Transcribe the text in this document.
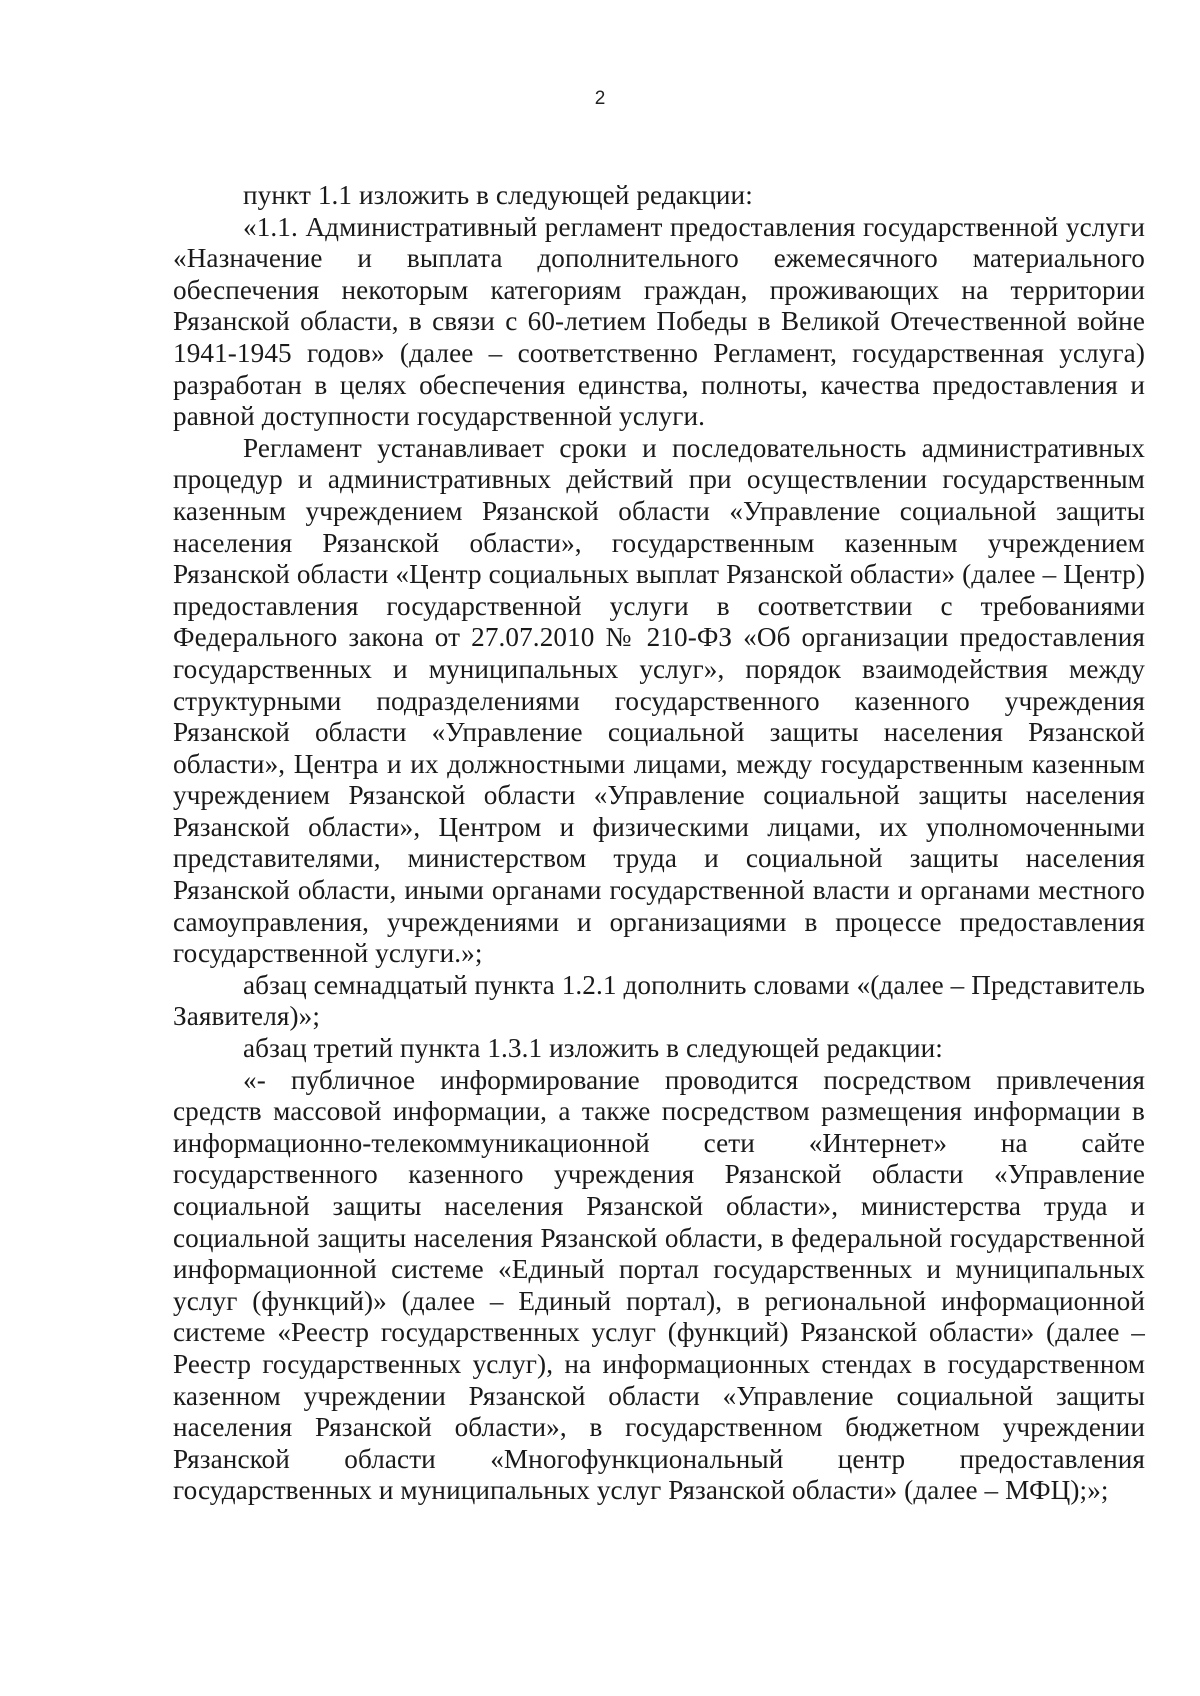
2

пункт 1.1 изложить в следующей редакции:

«1.1. Административный регламент предоставления государственной услуги «Назначение и выплата дополнительного ежемесячного материального обеспечения некоторым категориям граждан, проживающих на территории Рязанской области, в связи с 60-летием Победы в Великой Отечественной войне 1941-1945 годов» (далее – соответственно Регламент, государственная услуга) разработан в целях обеспечения единства, полноты, качества предоставления и равной доступности государственной услуги.

Регламент устанавливает сроки и последовательность административных процедур и административных действий при осуществлении государственным казенным учреждением Рязанской области «Управление социальной защиты населения Рязанской области», государственным казенным учреждением Рязанской области «Центр социальных выплат Рязанской области» (далее – Центр) предоставления государственной услуги в соответствии с требованиями Федерального закона от 27.07.2010 № 210-ФЗ «Об организации предоставления государственных и муниципальных услуг», порядок взаимодействия между структурными подразделениями государственного казенного учреждения Рязанской области «Управление социальной защиты населения Рязанской области», Центра и их должностными лицами, между государственным казенным учреждением Рязанской области «Управление социальной защиты населения Рязанской области», Центром и физическими лицами, их уполномоченными представителями, министерством труда и социальной защиты населения Рязанской области, иными органами государственной власти и органами местного самоуправления, учреждениями и организациями в процессе предоставления государственной услуги.»;

абзац семнадцатый пункта 1.2.1 дополнить словами «(далее – Представитель Заявителя)»;

абзац третий пункта 1.3.1 изложить в следующей редакции:

«- публичное информирование проводится посредством привлечения средств массовой информации, а также посредством размещения информации в информационно-телекоммуникационной сети «Интернет» на сайте государственного казенного учреждения Рязанской области «Управление социальной защиты населения Рязанской области», министерства труда и социальной защиты населения Рязанской области, в федеральной государственной информационной системе «Единый портал государственных и муниципальных услуг (функций)» (далее – Единый портал), в региональной информационной системе «Реестр государственных услуг (функций) Рязанской области» (далее – Реестр государственных услуг), на информационных стендах в государственном казенном учреждении Рязанской области «Управление социальной защиты населения Рязанской области», в государственном бюджетном учреждении Рязанской области «Многофункциональный центр предоставления государственных и муниципальных услуг Рязанской области» (далее – МФЦ);»;
